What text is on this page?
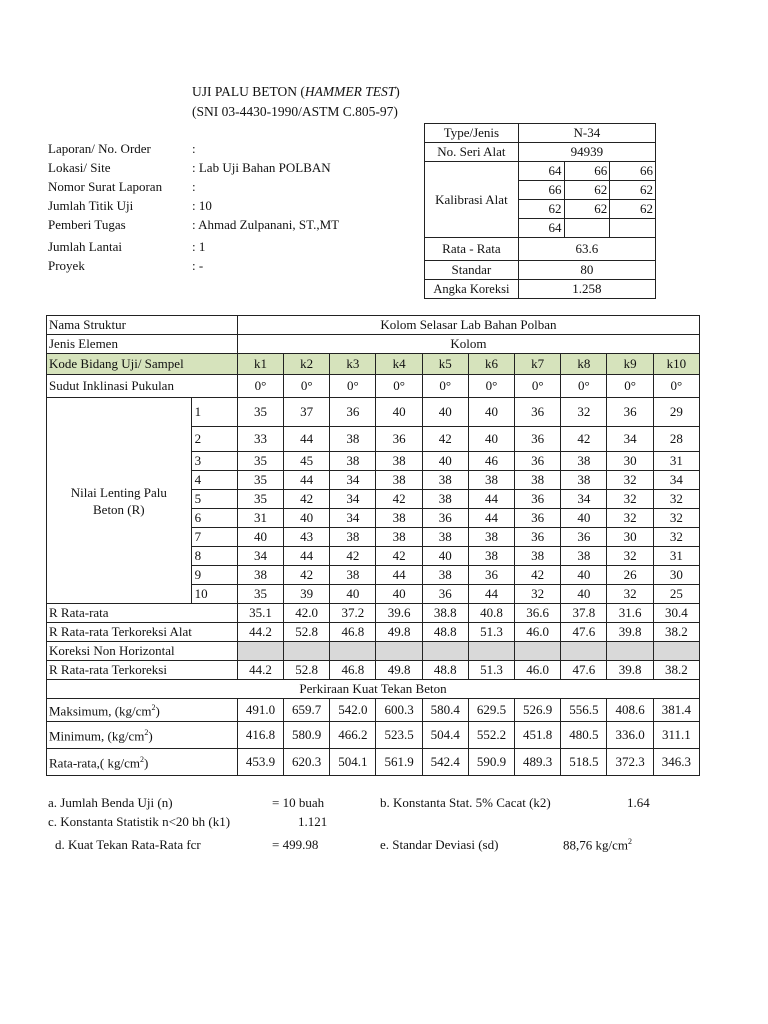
UJI PALU BETON (HAMMER TEST)
(SNI 03-4430-1990/ASTM C.805-97)
Laporan/ No. Order	:
Lokasi/ Site	: Lab Uji Bahan POLBAN
Nomor Surat Laporan :
Jumlah Titik Uji	: 10
Pemberi Tugas	: Ahmad Zulpanani, ST.,MT
Jumlah Lantai	: 1
Proyek	: -
Type/Jenis	N-34		
No. Seri Alat	94939		
Kalibrasi Alat	64	66	66
	66	62	62
	62	62	62
	64		
Rata - Rata	63.6		
Standar	80		
Angka Koreksi	1.258		
Nama Struktur		Kolom Selasar Lab Bahan Polban									
Jenis Elemen		Kolom									
Kode Bidang Uji/ Sampel		k1	k2	k3	k4	k5	k6	k7	k8	k9	k10
Sudut Inklinasi Pukulan		0°	0°	0°	0°	0°	0°	0°	0°	0°	0°
Nilai Lenting Palu Beton (R)	1	35	37	36	40	40	40	36	32	36	29
	2	33	44	38	36	42	40	36	42	34	28
	3	35	45	38	38	40	46	36	38	30	31
	4	35	44	34	38	38	38	38	38	32	34
	5	35	42	34	42	38	44	36	34	32	32
	6	31	40	34	38	36	44	36	40	32	32
	7	40	43	38	38	38	38	36	36	30	32
	8	34	44	42	42	40	38	38	38	32	31
	9	38	42	38	44	38	36	42	40	26	30
	10	35	39	40	40	36	44	32	40	32	25
R Rata-rata		35.1	42.0	37.2	39.6	38.8	40.8	36.6	37.8	31.6	30.4
R Rata-rata Terkoreksi Alat		44.2	52.8	46.8	49.8	48.8	51.3	46.0	47.6	39.8	38.2
Koreksi Non Horizontal											
R Rata-rata Terkoreksi		44.2	52.8	46.8	49.8	48.8	51.3	46.0	47.6	39.8	38.2
Perkiraan Kuat Tekan Beton											
Maksimum, $(kg/cm^2)$		491.0	659.7	542.0	600.3	580.4	629.5	526.9	556.5	408.6	381.4
Minimum, $(kg/cm^2)$		416.8	580.9	466.2	523.5	504.4	552.2	451.8	480.5	336.0	311.1
Rata-rata,( $kg/cm^2$)		453.9	620.3	504.1	561.9	542.4	590.9	489.3	518.5	372.3	346.3
a. Jumlah Benda Uji (n)	= 10 buah	b. Konstanta Stat. 5% Cacat (k2)	1.64
c. Konstanta Statistik n<20 bh (k1)	1.121
d. Kuat Tekan Rata-Rata fcr	= 499.98	e. Standar Deviasi (sd)	88,76 $kg/cm^2$
